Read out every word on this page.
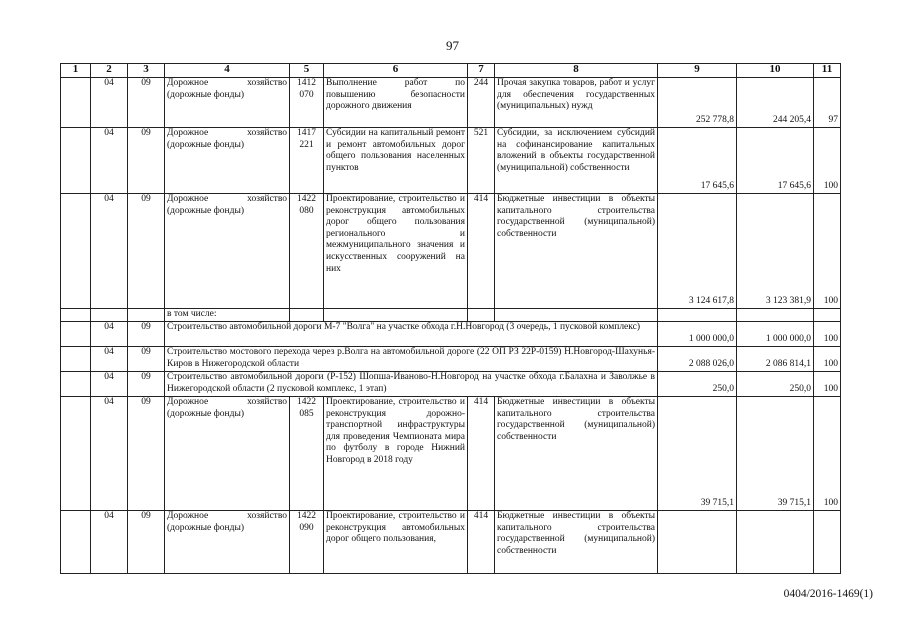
97
1	2	3	4	5	6	7	8	9	10	11
	04	09	Дорожное хозяйство (дорожные фонды)	1412 070	Выполнение работ по повышению безопасности дорожного движения	244	Прочая закупка товаров, работ и услуг для обеспечения государственных (муниципальных) нужд	252 778,8	244 205,4	97
	04	09	Дорожное хозяйство (дорожные фонды)	1417 221	Субсидии на капитальный ремонт и ремонт автомобильных дорог общего пользования населенных пунктов	521	Субсидии, за исключением субсидий на софинансирование капитальных вложений в объекты государственной (муниципальной) собственности	17 645,6	17 645,6	100
	04	09	Дорожное хозяйство (дорожные фонды)	1422 080	Проектирование, строительство и реконструкция автомобильных дорог общего пользования регионального и межмуниципального значения и искусственных сооружений на них	414	Бюджетные инвестиции в объекты капитального строительства государственной (муниципальной) собственности	3 124 617,8	3 123 381,9	100
			в том числе:							
	04	09	Строительство автомобильной дороги М-7 "Волга" на участке обхода г.Н.Новгород (3 очередь, 1 пусковой комплекс)					1 000 000,0	1 000 000,0	100
	04	09	Строительство мостового перехода через р.Волга на автомобильной дороге (22 ОП РЗ 22Р-0159) Н.Новгород-Шахунья-Киров в Нижегородской области					2 088 026,0	2 086 814,1	100
	04	09	Строительство автомобильной дороги (Р-152) Шопша-Иваново-Н.Новгород на участке обхода г.Балахна и Заволжье в Нижегородской области (2 пусковой комплекс, 1 этап)					250,0	250,0	100
	04	09	Дорожное хозяйство (дорожные фонды)	1422 085	Проектирование, строительство и реконструкция дорожно-транспортной инфраструктуры для проведения Чемпионата мира по футболу в городе Нижний Новгород в 2018 году	414	Бюджетные инвестиции в объекты капитального строительства государственной (муниципальной) собственности	39 715,1	39 715,1	100
	04	09	Дорожное хозяйство (дорожные фонды)	1422 090	Проектирование, строительство и реконструкция автомобильных дорог общего пользования,	414	Бюджетные инвестиции в объекты капитального строительства государственной (муниципальной) собственности			
0404/2016-1469(1)
